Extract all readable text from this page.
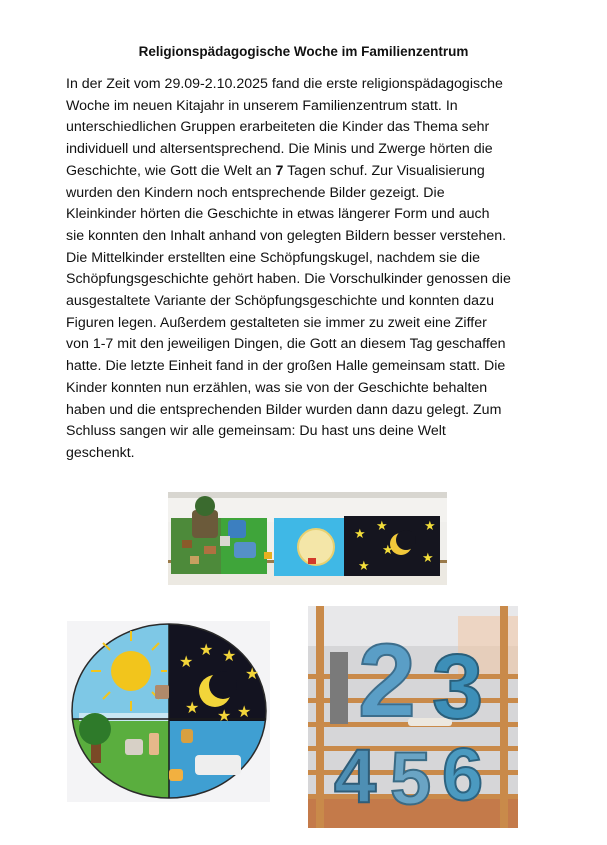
Religionspädagogische Woche im Familienzentrum
In der Zeit vom 29.09-2.10.2025 fand die erste religionspädagogische
Woche im neuen Kitajahr in unserem Familienzentrum statt. In
unterschiedlichen Gruppen erarbeiteten die Kinder das Thema sehr
individuell und altersentsprechend. Die Minis und Zwerge hörten die
Geschichte, wie Gott die Welt an 7 Tagen schuf. Zur Visualisierung
wurden den Kindern noch entsprechende Bilder gezeigt. Die
Kleinkinder hörten die Geschichte in etwas längerer Form und auch
sie konnten den Inhalt anhand von gelegten Bildern besser verstehen.
Die Mittelkinder erstellten eine Schöpfungskugel, nachdem sie die
Schöpfungsgeschichte gehört haben. Die Vorschulkinder genossen die
ausgestaltete Variante der Schöpfungsgeschichte und konnten dazu
Figuren legen. Außerdem gestalteten sie immer zu zweit eine Ziffer
von 1-7 mit den jeweiligen Dingen, die Gott an diesem Tag geschaffen
hatte. Die letzte Einheit fand in der großen Halle gemeinsam statt. Die
Kinder konnten nun erzählen, was sie von der Geschichte behalten
haben und die entsprechenden Bilder wurden dann dazu gelegt. Zum
Schluss sangen wir alle gemeinsam: Du hast uns deine Welt
geschenkt.
★
★
★
★
★
★
★
★ ★
★
★ ★
★ 2 3
4 5 6
